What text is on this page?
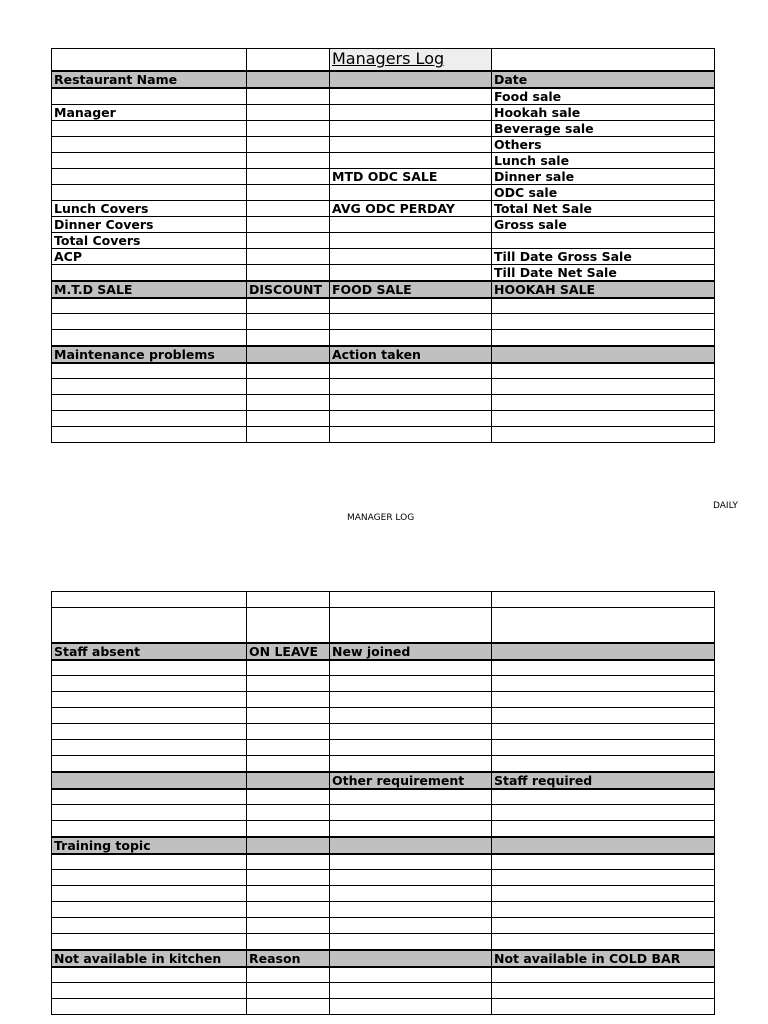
		Managers Log	
Restaurant Name			Date
			Food sale
Manager			Hookah sale
			Beverage sale
			Others
			Lunch sale
		MTD ODC SALE	Dinner sale
			ODC sale
Lunch Covers		AVG ODC PERDAY	Total Net Sale
Dinner Covers			Gross sale
Total Covers			
ACP			Till Date Gross Sale
			Till Date Net Sale
M.T.D SALE	DISCOUNT	FOOD SALE	HOOKAH SALE

Maintenance problems		Action taken	

DAILY
MANAGER LOG

Staff absent	ON LEAVE	New joined	

		Other requirement	Staff required

Training topic			

Not available in kitchen	Reason		Not available in COLD BAR
